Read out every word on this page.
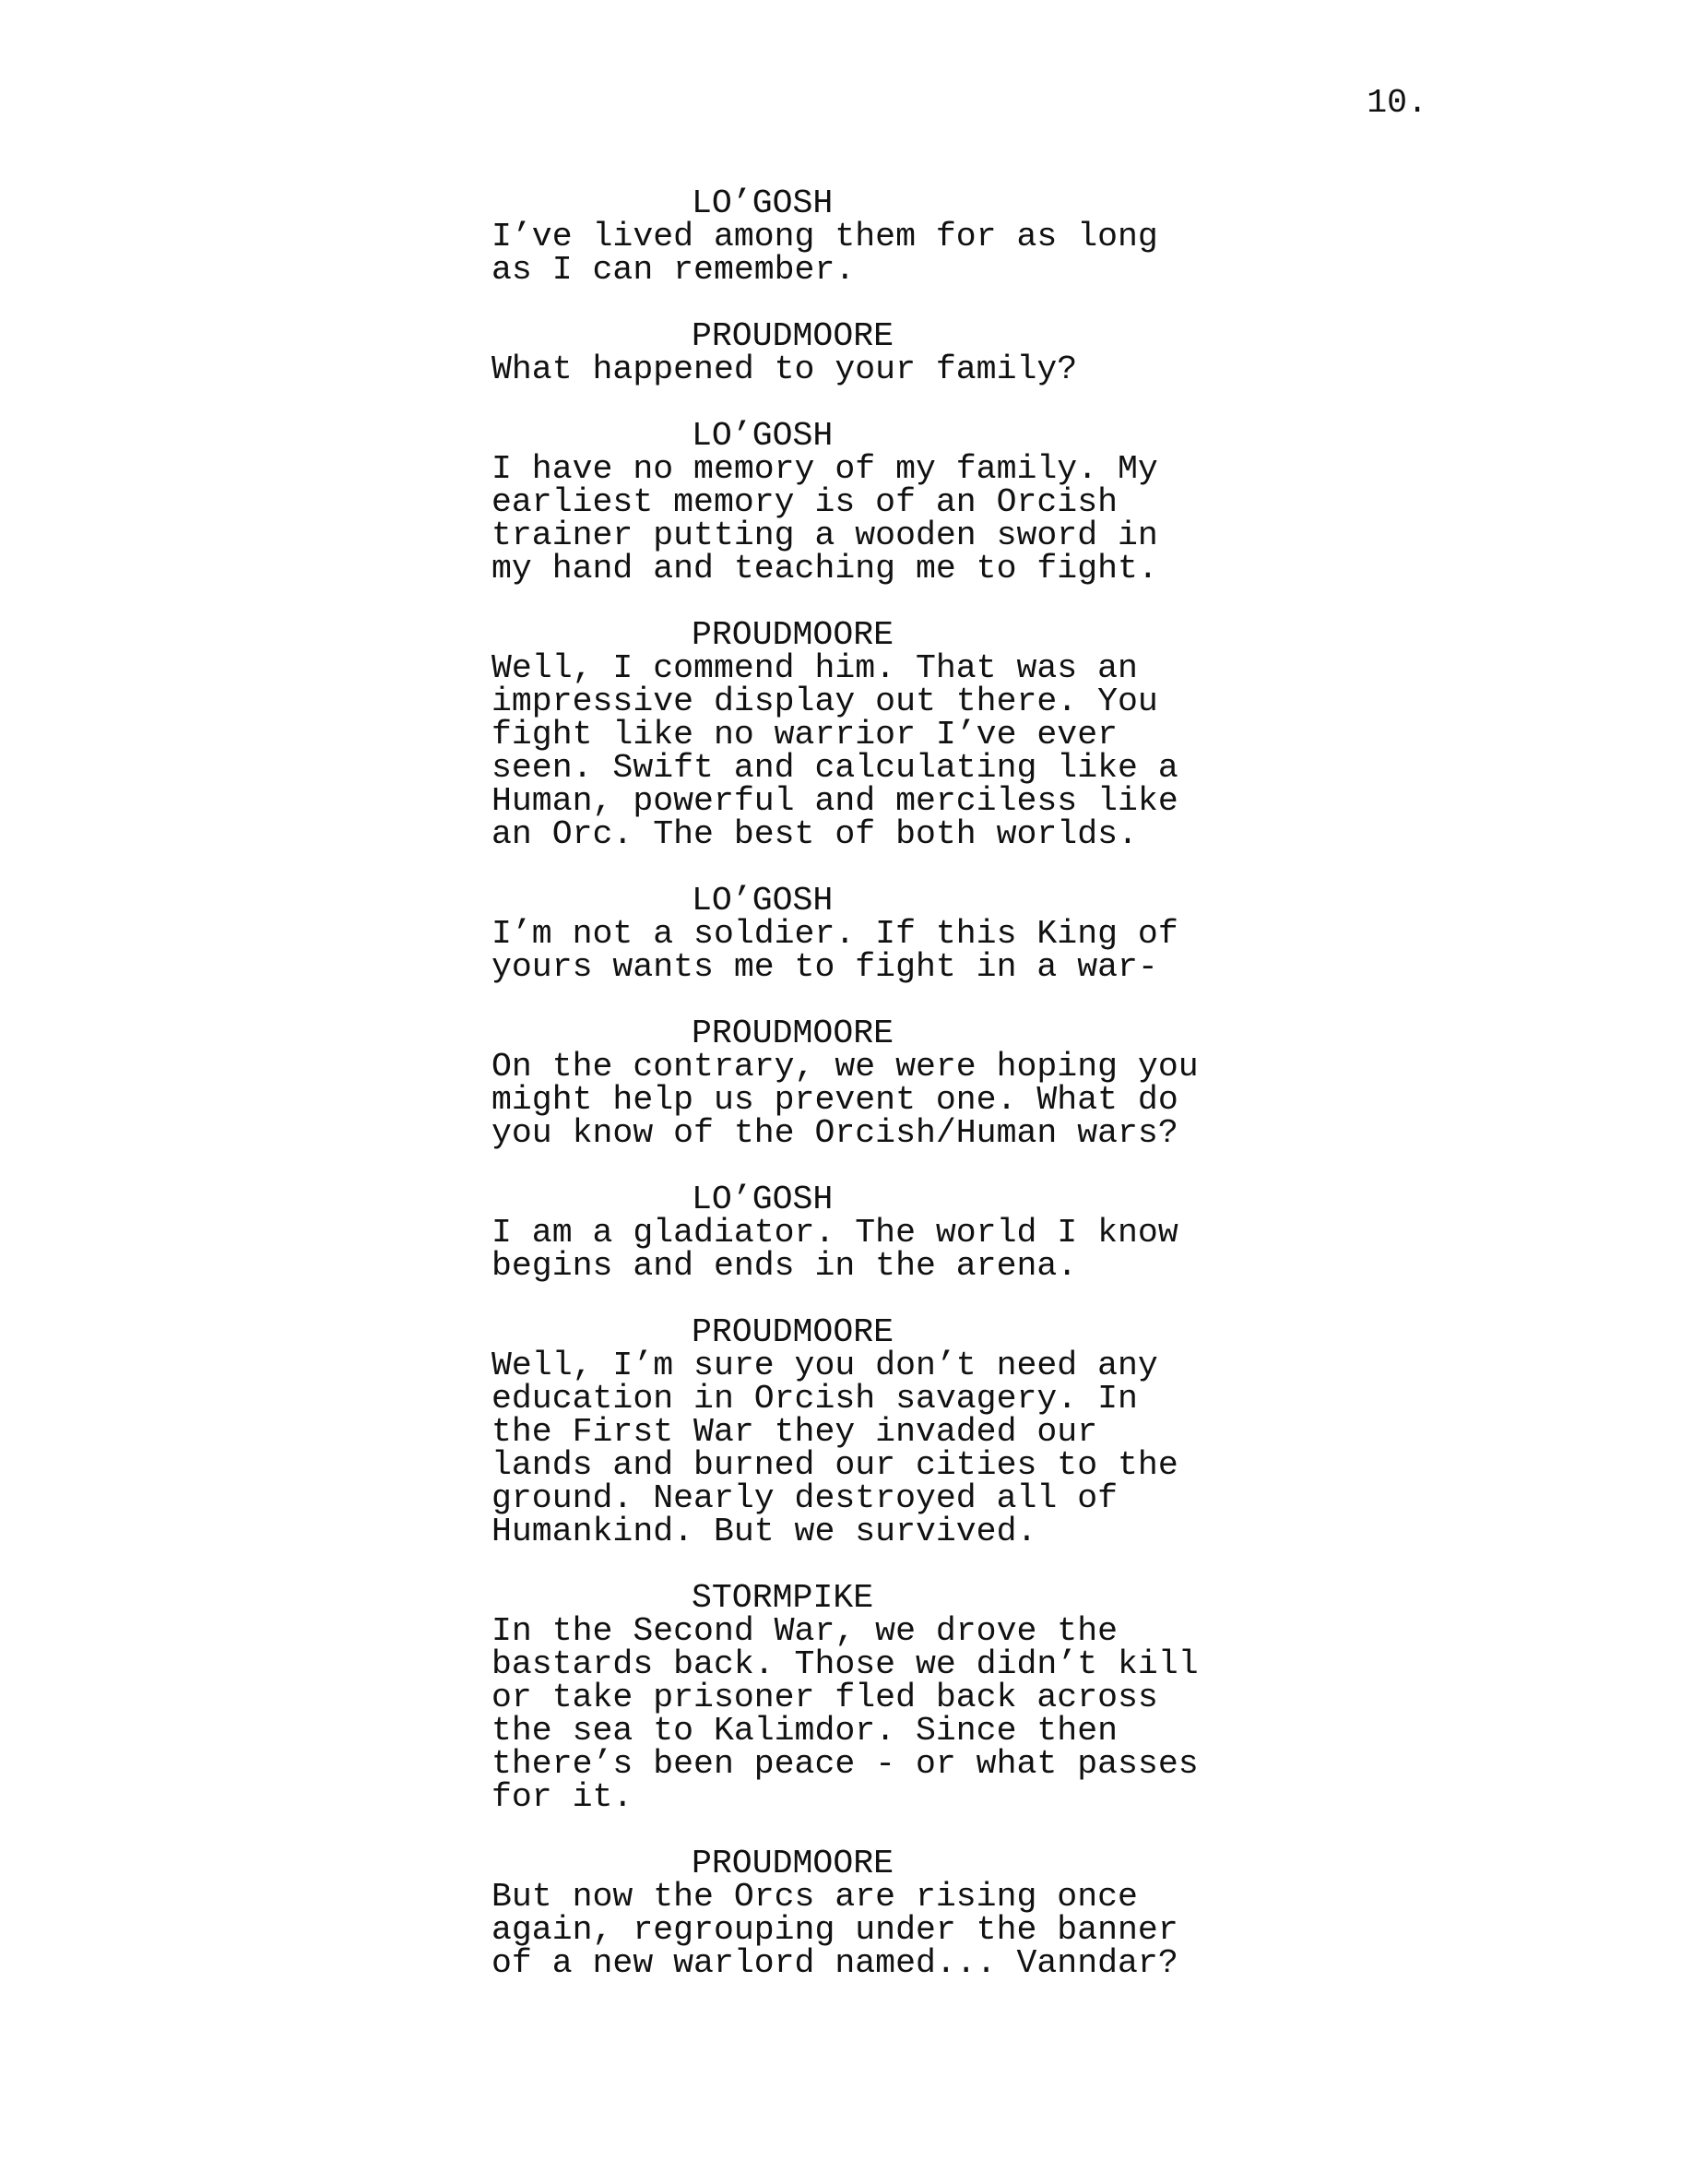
10.

LO’GOSH
I’ve lived among them for as long
as I can remember.
PROUDMOORE
What happened to your family?
LO’GOSH
I have no memory of my family. My
earliest memory is of an Orcish
trainer putting a wooden sword in
my hand and teaching me to fight.
PROUDMOORE
Well, I commend him. That was an
impressive display out there. You
fight like no warrior I’ve ever
seen. Swift and calculating like a
Human, powerful and merciless like
an Orc. The best of both worlds.
LO’GOSH
I’m not a soldier. If this King of
yours wants me to fight in a war-
PROUDMOORE
On the contrary, we were hoping you
might help us prevent one. What do
you know of the Orcish/Human wars?
LO’GOSH
I am a gladiator. The world I know
begins and ends in the arena.
PROUDMOORE
Well, I’m sure you don’t need any
education in Orcish savagery. In
the First War they invaded our
lands and burned our cities to the
ground. Nearly destroyed all of
Humankind. But we survived.
STORMPIKE
In the Second War, we drove the
bastards back. Those we didn’t kill
or take prisoner fled back across
the sea to Kalimdor. Since then
there’s been peace - or what passes
for it.
PROUDMOORE
But now the Orcs are rising once
again, regrouping under the banner
of a new warlord named... Vanndar?
